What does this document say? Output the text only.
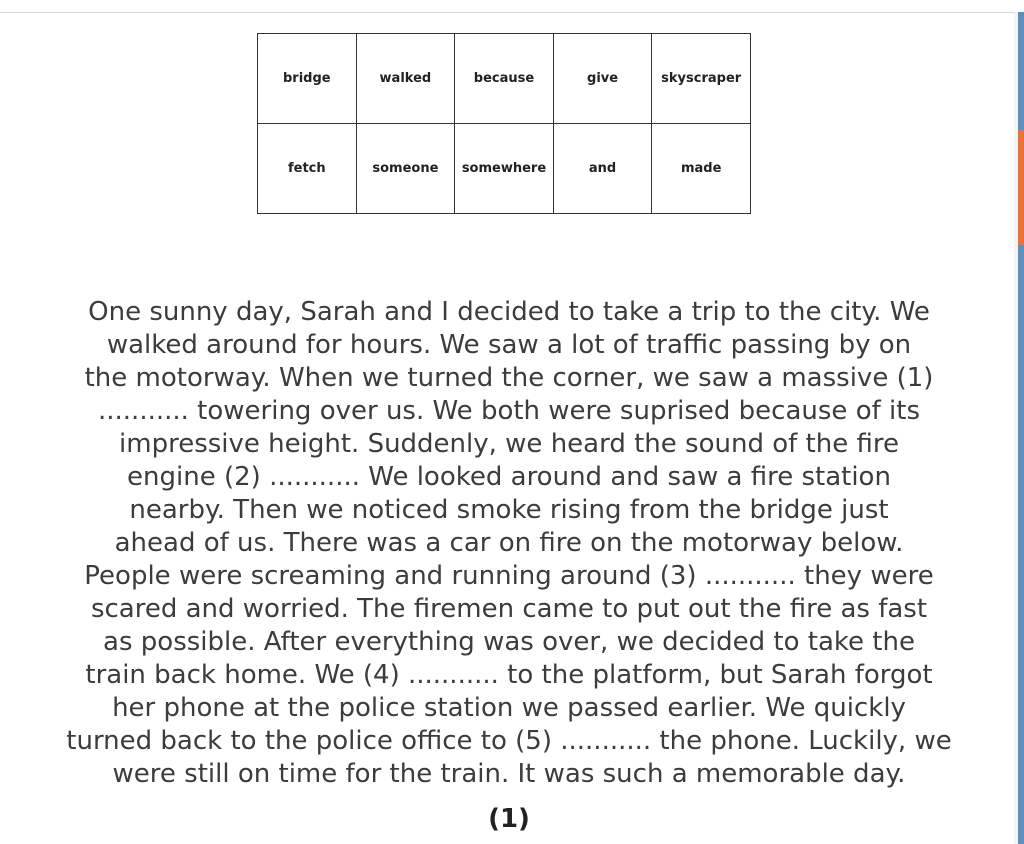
bridge	walked	because	give	skyscraper
fetch	someone	somewhere	and	made
One sunny day, Sarah and I decided to take a trip to the city. We
walked around for hours. We saw a lot of traffic passing by on
the motorway. When we turned the corner, we saw a massive (1)
........... towering over us. We both were suprised because of its
impressive height. Suddenly, we heard the sound of the fire
engine (2) ........... We looked around and saw a fire station
nearby. Then we noticed smoke rising from the bridge just
ahead of us. There was a car on fire on the motorway below.
People were screaming and running around (3) ........... they were
scared and worried. The firemen came to put out the fire as fast
as possible. After everything was over, we decided to take the
train back home. We (4) ........... to the platform, but Sarah forgot
her phone at the police station we passed earlier. We quickly
turned back to the police office to (5) ........... the phone. Luckily, we
were still on time for the train. It was such a memorable day.
(1)
